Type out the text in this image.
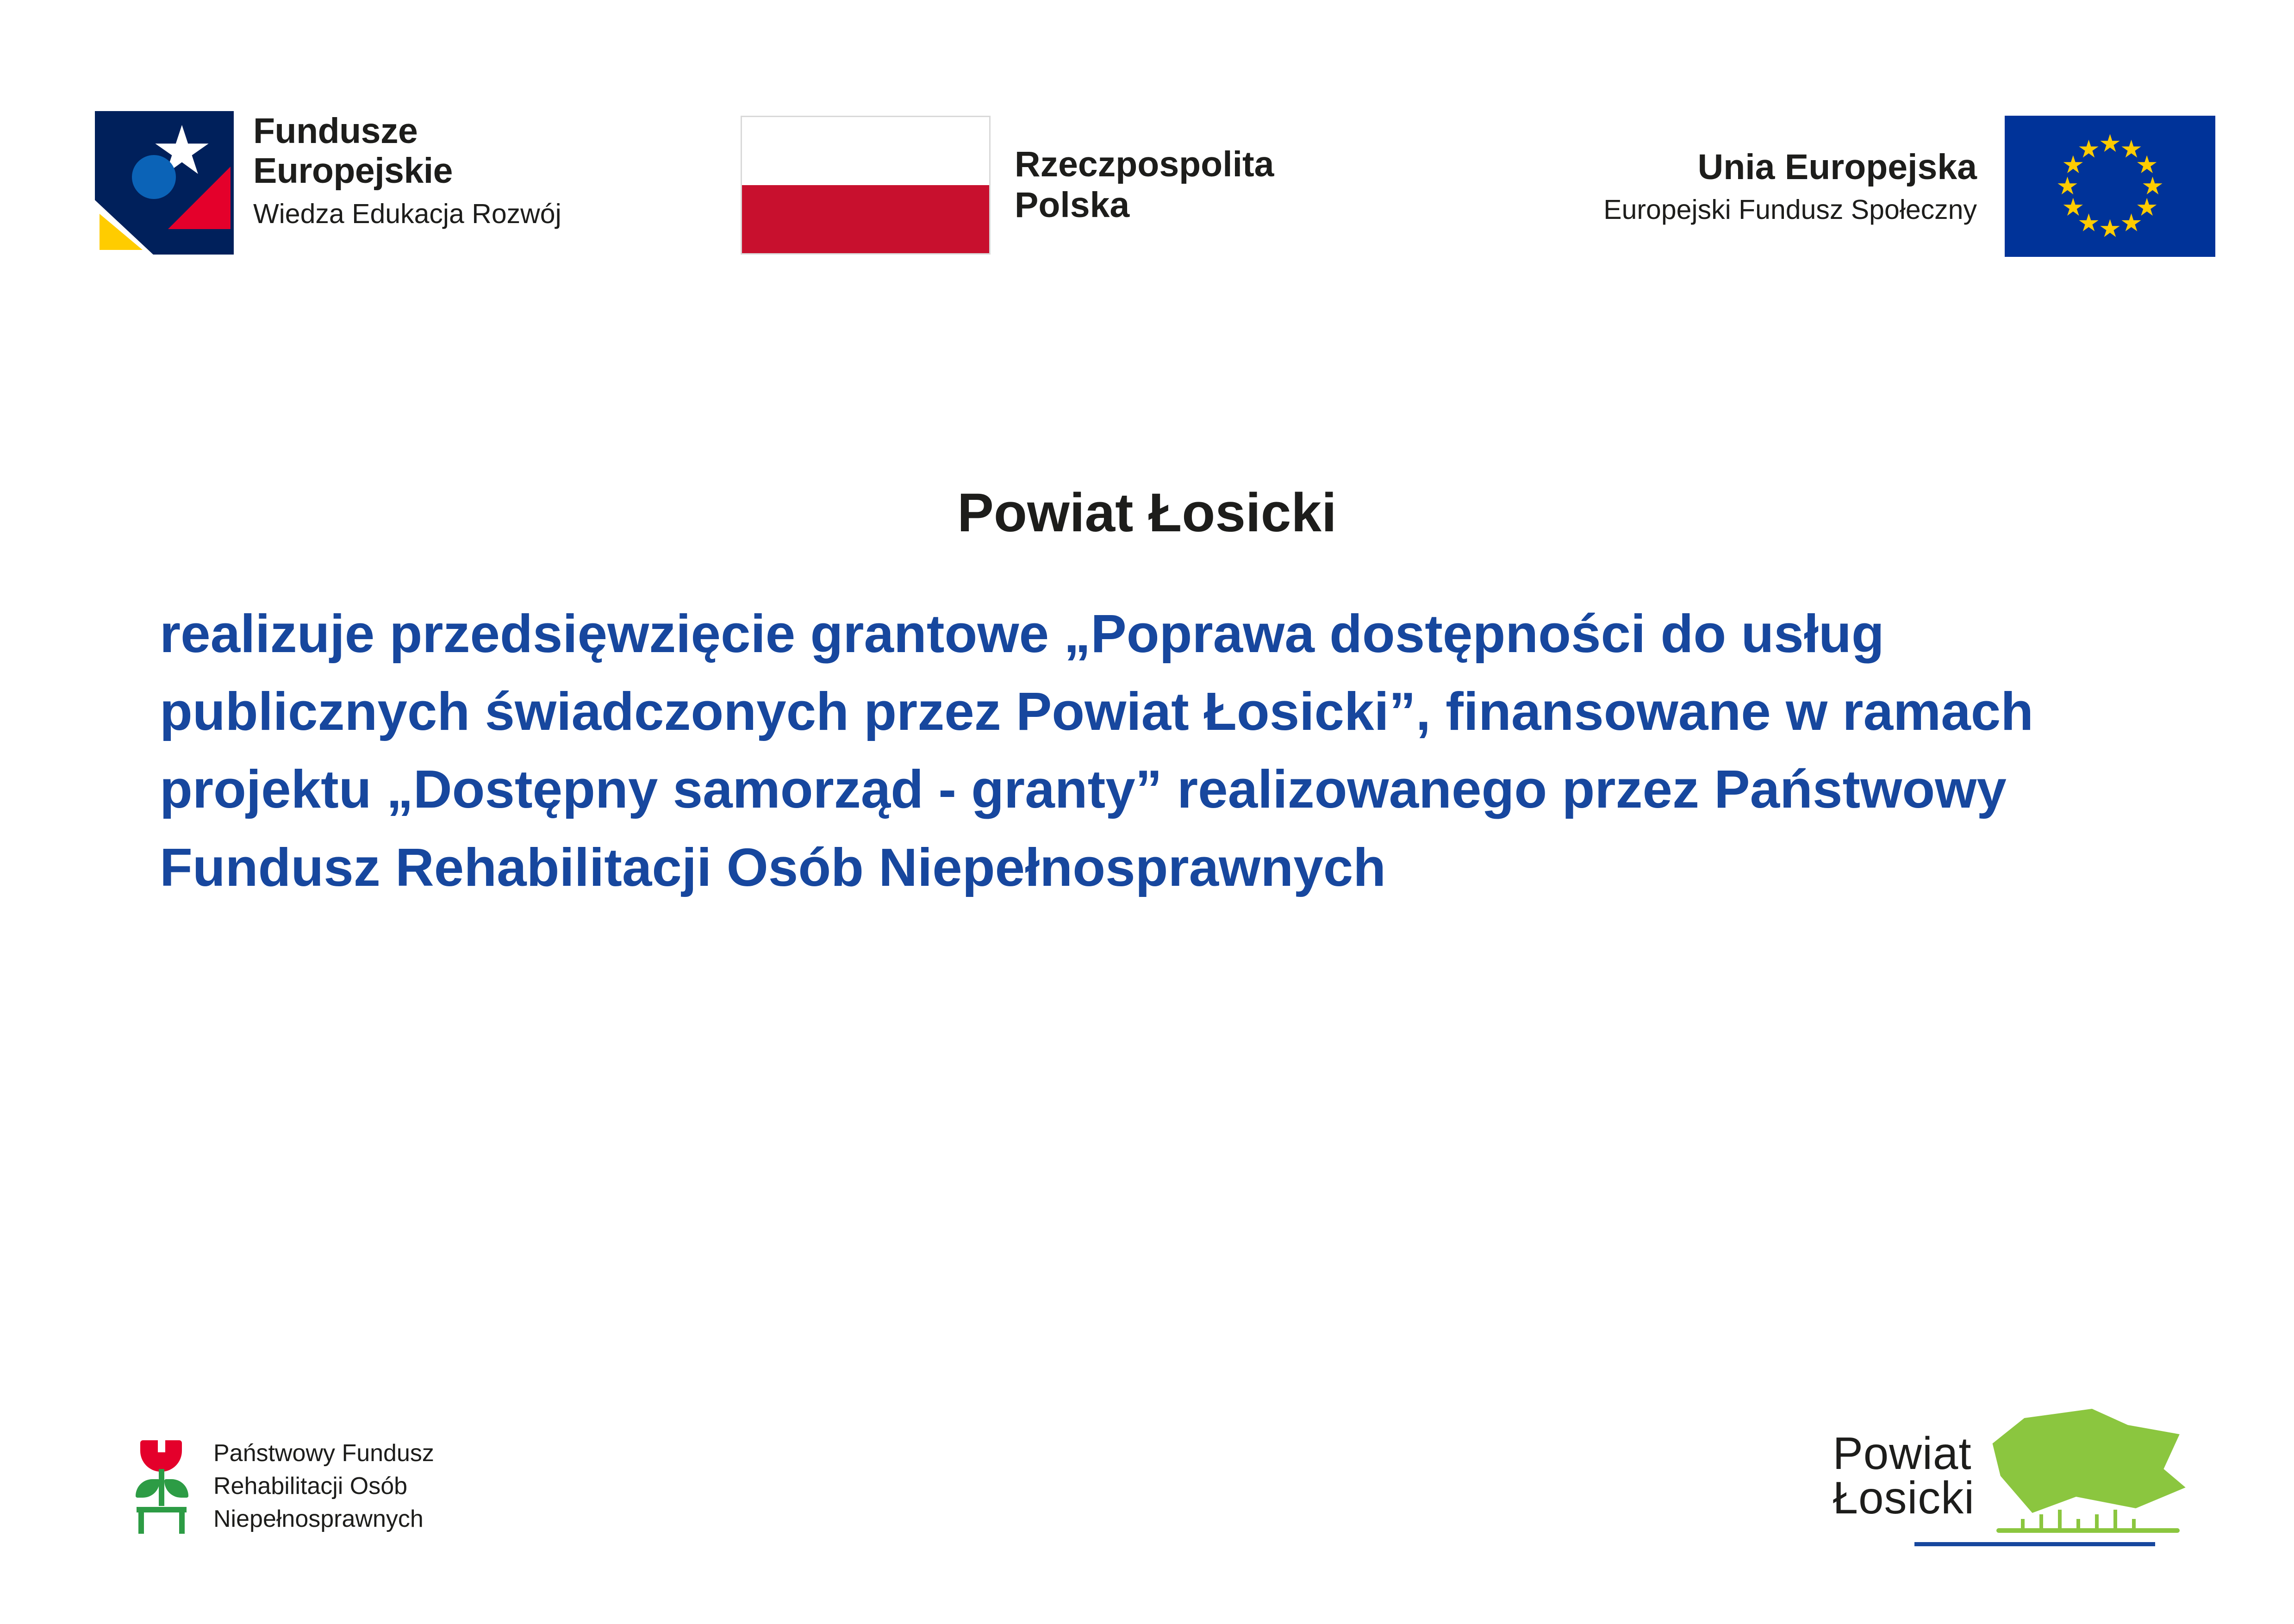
Fundusze
Europejskie
Wiedza Edukacja Rozwój
Rzeczpospolita
Polska
Unia Europejska
Europejski Fundusz Społeczny
Powiat Łosicki

realizuje przedsięwzięcie grantowe „Poprawa dostępności do usług publicznych świadczonych przez Powiat Łosicki”, finansowane w ramach projektu „Dostępny samorząd - granty” realizowanego przez Państwowy Fundusz Rehabilitacji Osób Niepełnosprawnych

Państwowy Fundusz
Rehabilitacji Osób
Niepełnosprawnych
Powiat
Łosicki
